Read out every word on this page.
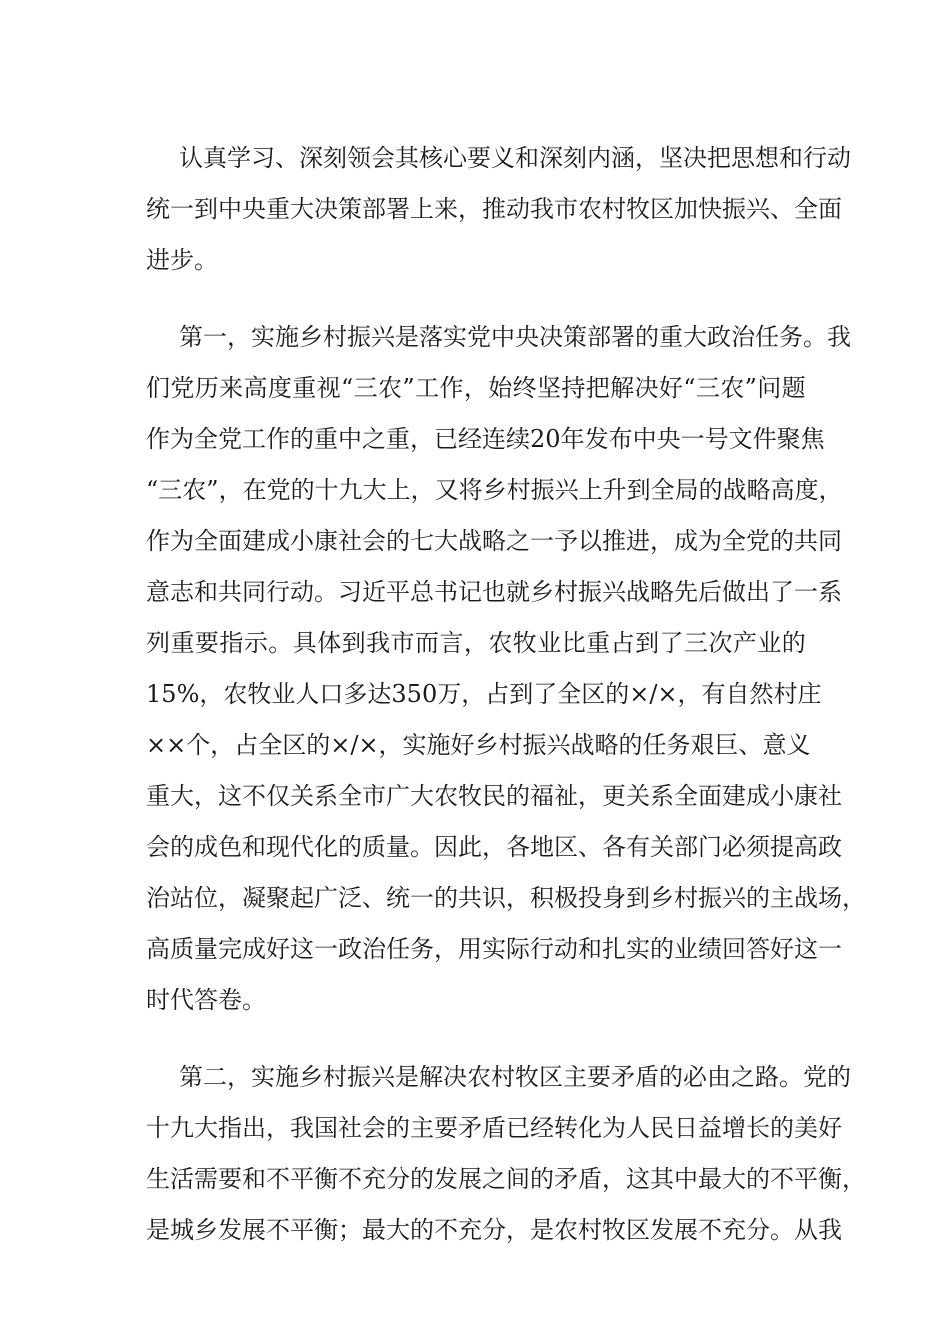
认 真 学 习 、 深 刻 领 会 其 核 心 要 义 和 深 刻 内 涵 ， 坚 决 把 思 想 和 行 动
统 一 到 中 央 重 大 决 策 部 署 上 来 ， 推 动 我 市 农 村 牧 区 加 快 振 兴 、 全 面
进步。
第 一 ， 实 施 乡 村 振 兴 是 落 实 党 中 央 决 策 部 署 的 重 大 政 治 任 务 。 我
们 党 历 来 高 度 重 视 “ 三 农 ” 工 作 ， 始 终 坚 持 把 解 决 好 “ 三 农 ” 问 题
作 为 全 党 工 作 的 重 中 之 重 ， 已 经 连 续 2 0 年 发 布 中 央 一 号 文 件 聚 焦
“ 三 农 ” ， 在 党 的 十 九 大 上 ， 又 将 乡 村 振 兴 上 升 到 全 局 的 战 略 高 度 ，
作 为 全 面 建 成 小 康 社 会 的 七 大 战 略 之 一 予 以 推 进 ， 成 为 全 党 的 共 同
意 志 和 共 同 行 动 。 习 近 平 总 书 记 也 就 乡 村 振 兴 战 略 先 后 做 出 了 一 系
列 重 要 指 示 。 具 体 到 我 市 而 言 ， 农 牧 业 比 重 占 到 了 三 次 产 业 的
1 5 % ， 农 牧 业 人 口 多 达 3 5 0 万 ， 占 到 了 全 区 的 × / × ， 有 自 然 村 庄
× × 个 ， 占 全 区 的 × / × ， 实 施 好 乡 村 振 兴 战 略 的 任 务 艰 巨 、 意 义
重 大 ， 这 不 仅 关 系 全 市 广 大 农 牧 民 的 福 祉 ， 更 关 系 全 面 建 成 小 康 社
会 的 成 色 和 现 代 化 的 质 量 。 因 此 ， 各 地 区 、 各 有 关 部 门 必 须 提 高 政
治 站 位 ， 凝 聚 起 广 泛 、 统 一 的 共 识 ， 积 极 投 身 到 乡 村 振 兴 的 主 战 场 ，
高 质 量 完 成 好 这 一 政 治 任 务 ， 用 实 际 行 动 和 扎 实 的 业 绩 回 答 好 这 一
时代答卷。
第 二 ， 实 施 乡 村 振 兴 是 解 决 农 村 牧 区 主 要 矛 盾 的 必 由 之 路 。 党 的
十 九 大 指 出 ， 我 国 社 会 的 主 要 矛 盾 已 经 转 化 为 人 民 日 益 增 长 的 美 好
生 活 需 要 和 不 平 衡 不 充 分 的 发 展 之 间 的 矛 盾 ， 这 其 中 最 大 的 不 平 衡 ，
是 城 乡 发 展 不 平 衡 ； 最 大 的 不 充 分 ， 是 农 村 牧 区 发 展 不 充 分 。 从 我
